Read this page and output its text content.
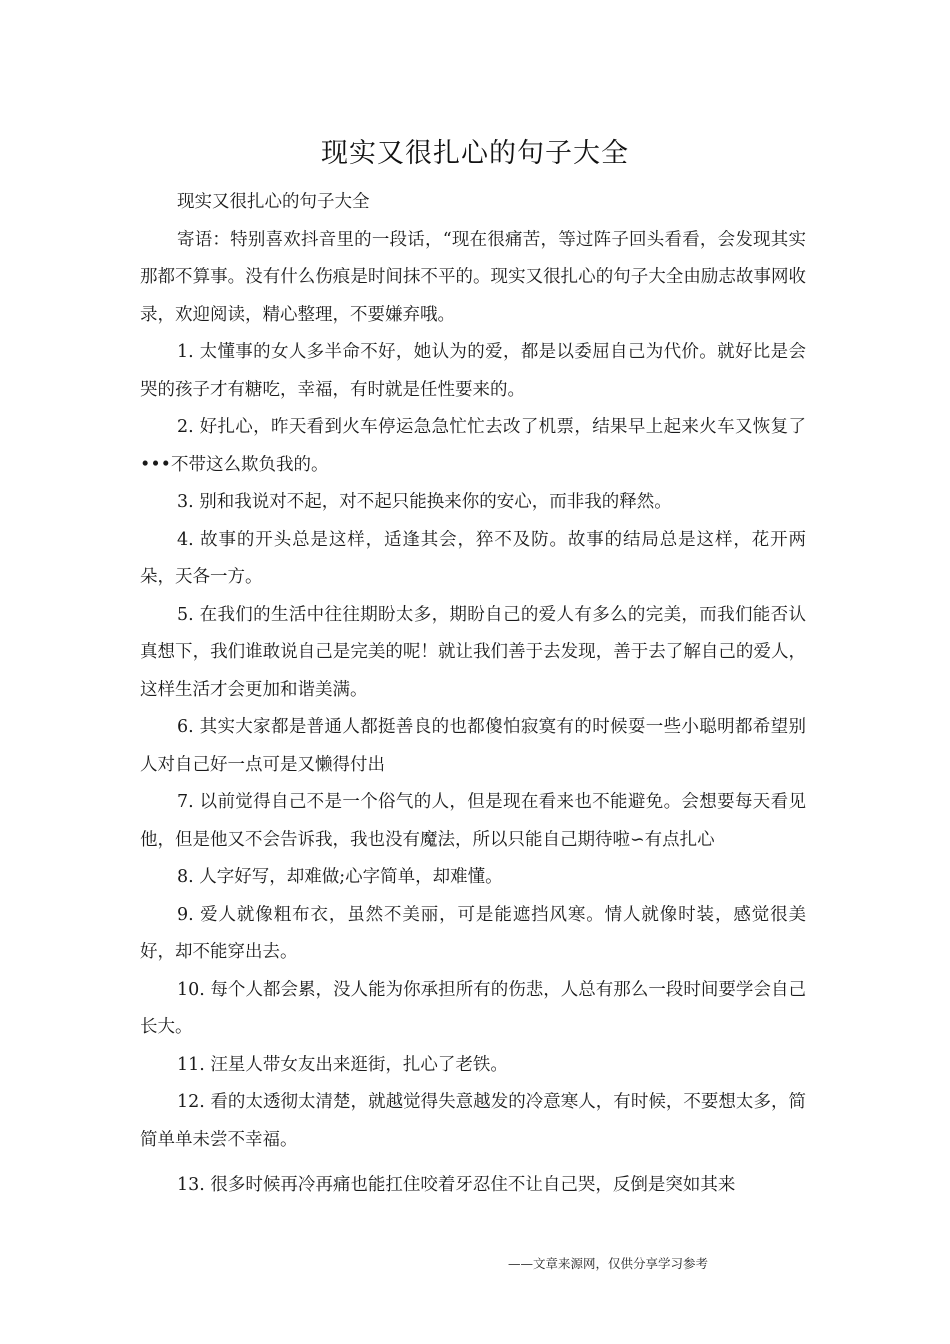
现实又很扎心的句子大全

现实又很扎心的句子大全

寄语：特别喜欢抖音里的一段话，“现在很痛苦，等过阵子回头看看，会发现其实那都不算事。没有什么伤痕是时间抹不平的。现实又很扎心的句子大全由励志故事网收录，欢迎阅读，精心整理，不要嫌弃哦。

1. 太懂事的女人多半命不好，她认为的爱，都是以委屈自己为代价。就好比是会哭的孩子才有糖吃，幸福，有时就是任性要来的。

2. 好扎心，昨天看到火车停运急急忙忙去改了机票，结果早上起来火车又恢复了•••不带这么欺负我的。

3. 别和我说对不起，对不起只能换来你的安心，而非我的释然。

4. 故事的开头总是这样，适逢其会，猝不及防。故事的结局总是这样，花开两朵，天各一方。

5. 在我们的生活中往往期盼太多，期盼自己的爱人有多么的完美，而我们能否认真想下，我们谁敢说自己是完美的呢！就让我们善于去发现，善于去了解自己的爱人，这样生活才会更加和谐美满。

6. 其实大家都是普通人都挺善良的也都傻怕寂寞有的时候耍一些小聪明都希望别人对自己好一点可是又懒得付出

7. 以前觉得自己不是一个俗气的人，但是现在看来也不能避免。会想要每天看见他，但是他又不会告诉我，我也没有魔法，所以只能自己期待啦∽有点扎心

8. 人字好写，却难做;心字简单，却难懂。

9. 爱人就像粗布衣，虽然不美丽，可是能遮挡风寒。情人就像时装，感觉很美好，却不能穿出去。

10. 每个人都会累，没人能为你承担所有的伤悲，人总有那么一段时间要学会自己长大。

11. 汪星人带女友出来逛街，扎心了老铁。

12. 看的太透彻太清楚，就越觉得失意越发的冷意寒人，有时候，不要想太多，简简单单未尝不幸福。

13. 很多时候再冷再痛也能扛住咬着牙忍住不让自己哭，反倒是突如其来

——文章来源网，仅供分享学习参考
